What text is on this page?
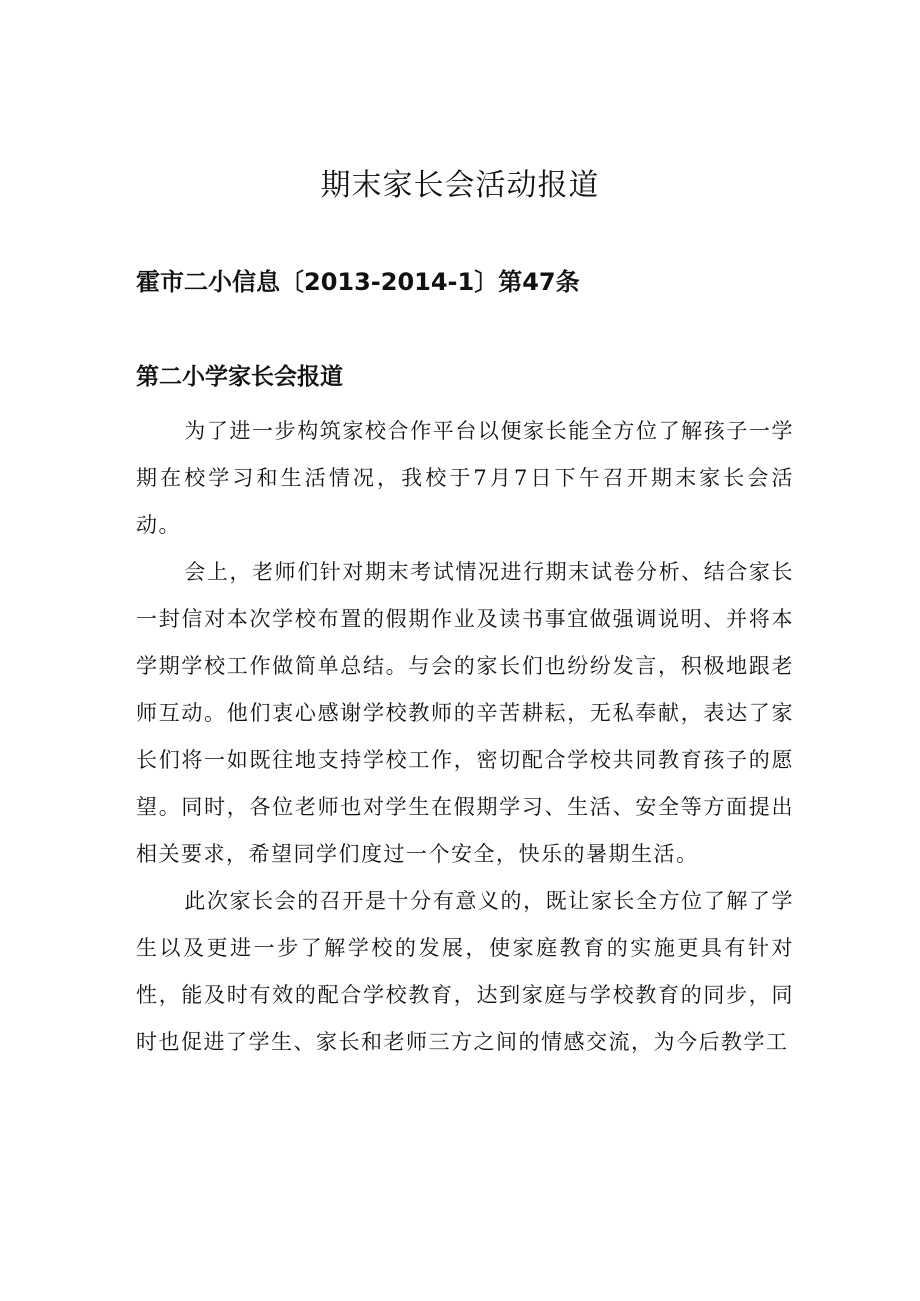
期末家长会活动报道
霍市二小信息〔2013-2014-1〕第47条
第二小学家长会报道

为了进一步构筑家校合作平台以便家长能全方位了解孩子一学期在校学习和生活情况，我校于7月7日下午召开期末家长会活动。

会上，老师们针对期末考试情况进行期末试卷分析、结合家长一封信对本次学校布置的假期作业及读书事宜做强调说明、并将本学期学校工作做简单总结。与会的家长们也纷纷发言，积极地跟老师互动。他们衷心感谢学校教师的辛苦耕耘，无私奉献，表达了家长们将一如既往地支持学校工作，密切配合学校共同教育孩子的愿望。同时，各位老师也对学生在假期学习、生活、安全等方面提出相关要求，希望同学们度过一个安全，快乐的暑期生活。

此次家长会的召开是十分有意义的，既让家长全方位了解了学生以及更进一步了解学校的发展，使家庭教育的实施更具有针对性，能及时有效的配合学校教育，达到家庭与学校教育的同步，同时也促进了学生、家长和老师三方之间的情感交流，为今后教学工
